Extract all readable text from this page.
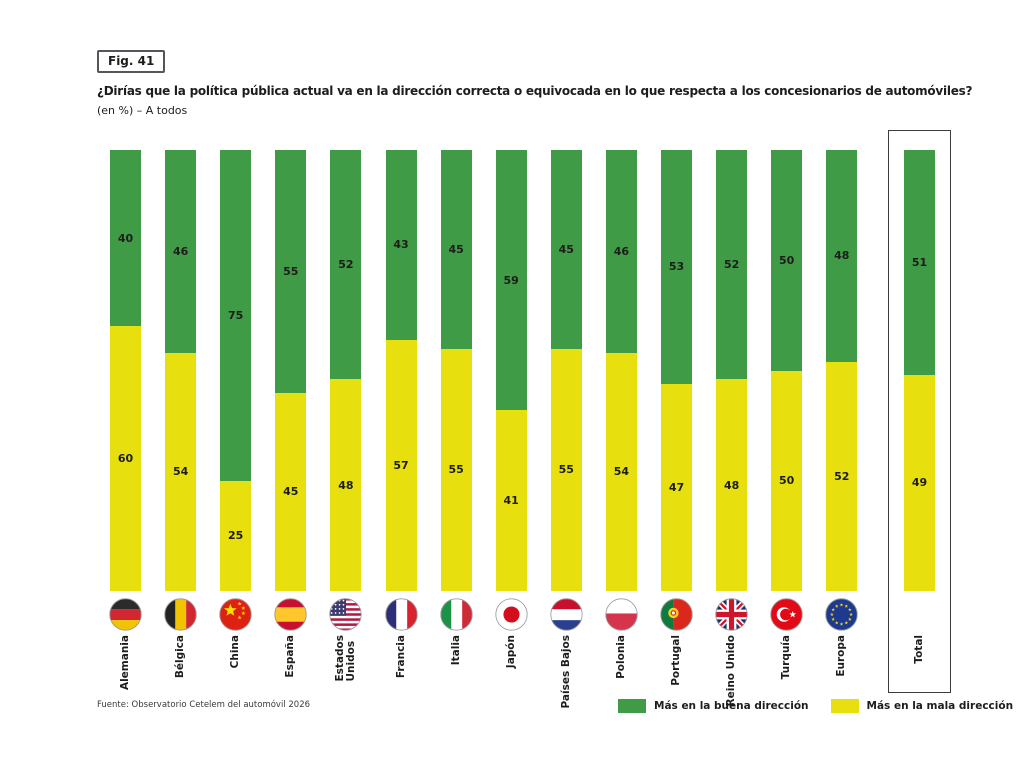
Fig. 41
¿Dirías que la política pública actual va en la dirección correcta o equivocada en lo que respecta a los concesionarios de automóviles?
(en %) – A todos
40
60
Alemania
46
54
Bélgica
75
25
China
55
45
España
52
48
Estados
Unidos
43
57
Francia
45
55
Italia
59
41
Japón
45
55
Países Bajos
46
54
Polonia
53
47
Portugal
52
48
Reino Unido
50
50
Turquía
48
52
Europa
51
49
Total
Fuente: Observatorio Cetelem del automóvil 2026	Más en la buena dirección	Más en la mala dirección
